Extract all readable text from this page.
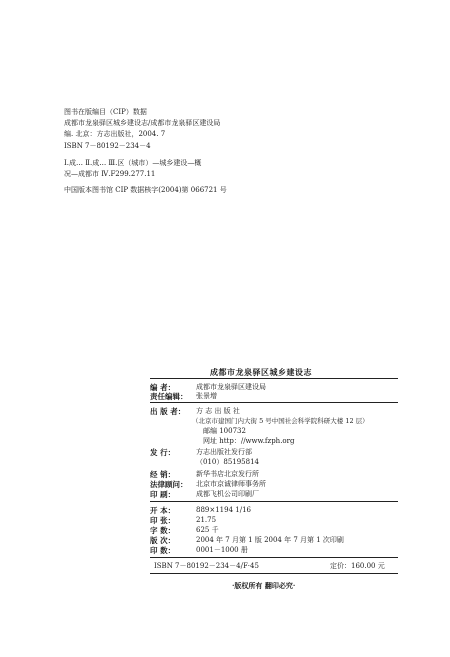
图书在版编目（CIP）数据
成都市龙泉驿区城乡建设志/成都市龙泉驿区建设局
编. 北京：方志出版社，2004. 7
ISBN 7－80192－234－4
Ⅰ.成… Ⅱ.成… Ⅲ.区（城市）—城乡建设—概
况—成都市 Ⅳ.F299.277.11
中国版本图书馆 CIP 数据核字(2004)第 066721 号
成都市龙泉驿区城乡建设志
编 者：	成都市龙泉驿区建设局
责任编辑： 张景增
出 版 者： 方 志 出 版 社
（北京市建国门内大街 5 号中国社会科学院科研大楼 12 层）
邮编 100732
网址 http：//www.fzph.org
发 行：	方志出版社发行部
（010）85195814
经 销：	新华书店北京发行所
法律顾问： 北京市京诚律师事务所
印 刷：	成都飞机公司印刷厂
开 本：	889×1194 1/16
印 张：	21.75
字 数：	625 千
版 次：	2004 年 7 月第 1 版 2004 年 7 月第 1 次印刷
印 数：	0001－1000 册
ISBN 7－80192－234－4/F·45	定价：160.00 元
·版权所有 翻印必究·
